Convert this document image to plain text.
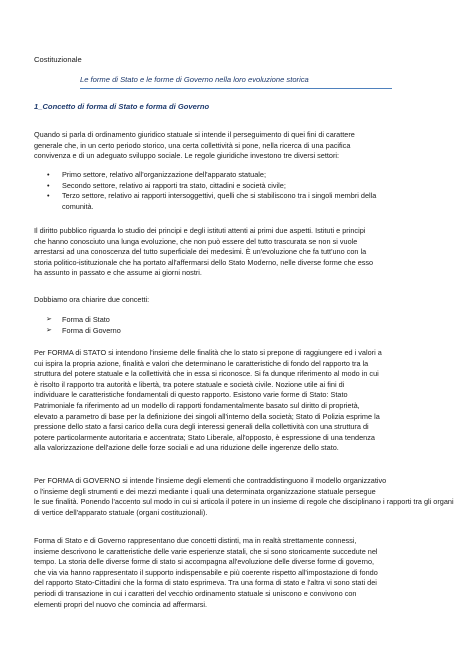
Costituzionale
Le forme di Stato e le forme di Governo nella loro evoluzione storica
1_Concetto di forma di Stato e forma di Governo

Quando si parla di ordinamento giuridico statuale si intende il perseguimento di quei fini di carattere
generale che, in un certo periodo storico, una certa collettività si pone, nella ricerca di una pacifica
convivenza e di un adeguato sviluppo sociale. Le regole giuridiche investono tre diversi settori:

•	Primo settore, relativo all'organizzazione dell'apparato statuale;
•	Secondo settore, relativo ai rapporti tra stato, cittadini e società civile;
•	Terzo settore, relativo ai rapporti intersoggettivi, quelli che si stabiliscono tra i singoli membri della
comunità.

Il diritto pubblico riguarda lo studio dei principi e degli istituti attenti ai primi due aspetti. Istituti e principi
che hanno conosciuto una lunga evoluzione, che non può essere del tutto trascurata se non si vuole
arrestarsi ad una conoscenza del tutto superficiale dei medesimi. È un'evoluzione che fa tutt'uno con la
storia politico-istituzionale che ha portato all'affermarsi dello Stato Moderno, nelle diverse forme che esso
ha assunto in passato e che assume ai giorni nostri.

Dobbiamo ora chiarire due concetti:

➢	Forma di Stato
➢	Forma di Governo

Per FORMA di STATO si intendono l'insieme delle finalità che lo stato si prepone di raggiungere ed i valori a
cui ispira la propria azione, finalità e valori che determinano le caratteristiche di fondo del rapporto tra la
struttura del potere statuale e la collettività che in essa si riconosce. Si fa dunque riferimento al modo in cui
è risolto il rapporto tra autorità e libertà, tra potere statuale e società civile. Nozione utile ai fini di
individuare le caratteristiche fondamentali di questo rapporto. Esistono varie forme di Stato: Stato
Patrimoniale fa riferimento ad un modello di rapporti fondamentalmente basato sul diritto di proprietà,
elevato a parametro di base per la definizione dei singoli all'interno della società; Stato di Polizia esprime la
pressione dello stato a farsi carico della cura degli interessi generali della collettività con una struttura di
potere particolarmente autoritaria e accentrata; Stato Liberale, all'opposto, è espressione di una tendenza
alla valorizzazione dell'azione delle forze sociali e ad una riduzione delle ingerenze dello stato.

Per FORMA di GOVERNO si intende l'insieme degli elementi che contraddistinguono il modello organizzativo
o l'insieme degli strumenti e dei mezzi mediante i quali una determinata organizzazione statuale persegue
le sue finalità. Ponendo l'accento sul modo in cui si articola il potere in un insieme di regole che disciplinano i rapporti tra gli organi
di vertice dell'apparato statuale (organi costituzionali).

Forma di Stato e di Governo rappresentano due concetti distinti, ma in realtà strettamente connessi,
insieme descrivono le caratteristiche delle varie esperienze statali, che si sono storicamente succedute nel
tempo. La storia delle diverse forme di stato si accompagna all'evoluzione delle diverse forme di governo,
che via via hanno rappresentato il supporto indispensabile e più coerente rispetto all'impostazione di fondo
del rapporto Stato-Cittadini che la forma di stato esprimeva. Tra una forma di stato e l'altra vi sono stati dei
periodi di transazione in cui i caratteri del vecchio ordinamento statuale si uniscono e convivono con
elementi propri del nuovo che comincia ad affermarsi.
